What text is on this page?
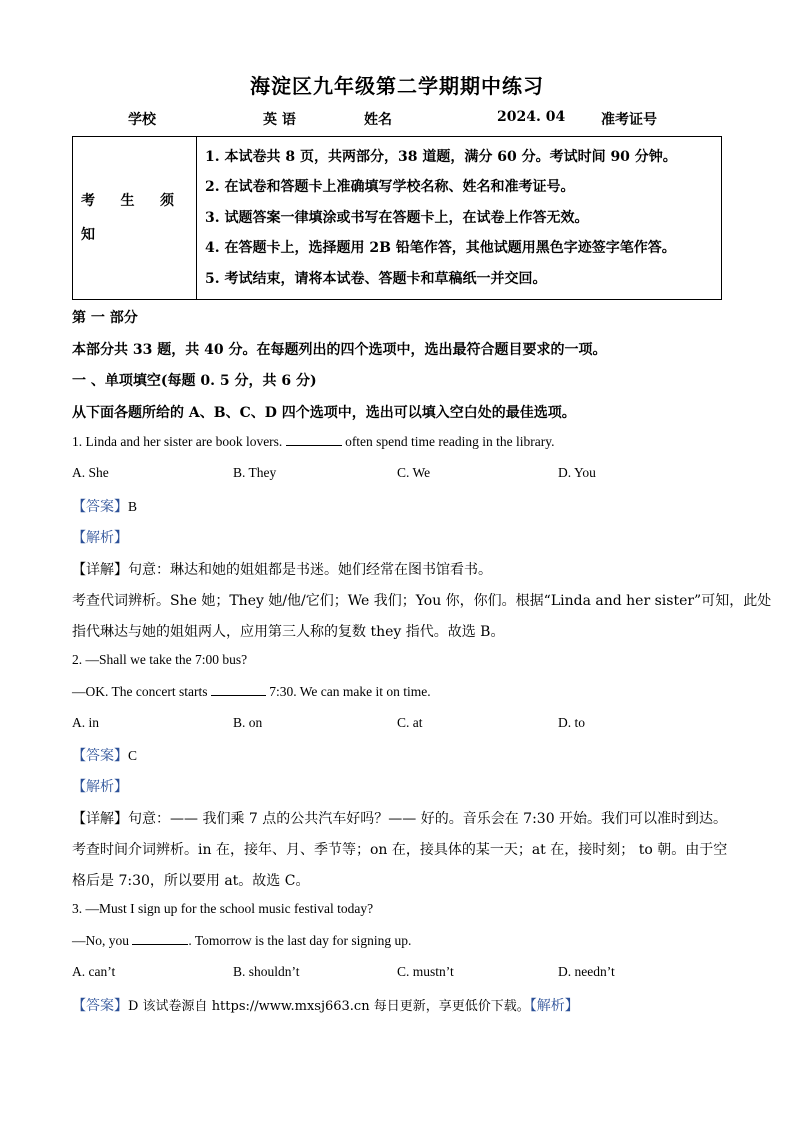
海淀区九年级第二学期期中练习
学校	英 语	姓名	2024. 04	准考证号
考生须知	
1. 本试卷共 8 页，共两部分，38 道题，满分 60 分。考试时间 90 分钟。
2. 在试卷和答题卡上准确填写学校名称、姓名和准考证号。
3. 试题答案一律填涂或书写在答题卡上，在试卷上作答无效。
4. 在答题卡上，选择题用 2B 铅笔作答，其他试题用黑色字迹签字笔作答。
5. 考试结束，请将本试卷、答题卡和草稿纸一并交回。
第 一 部分
本部分共 33 题，共 40 分。在每题列出的四个选项中，选出最符合题目要求的一项。
一 、单项填空(每题 0. 5 分，共 6 分)
从下面各题所给的 A、B、C、D 四个选项中，选出可以填入空白处的最佳选项。
1. Linda and her sister are book lovers.	often spend time reading in the library.
A. She	B. They	C. We	D. You
【答案】B
【解析】
【详解】句意：琳达和她的姐姐都是书迷。她们经常在图书馆看书。
考查代词辨析。She 她；They 她/他/它们；We 我们；You 你，你们。根据“Linda and her sister”可知，此处
指代琳达与她的姐姐两人，应用第三人称的复数 they 指代。故选 B。
2. —Shall we take the 7:00 bus?
—OK. The concert starts	7:30. We can make it on time.
A. in	B. on	C. at	D. to
【答案】C
【解析】
【详解】句意：—— 我们乘 7 点的公共汽车好吗？—— 好的。音乐会在 7:30 开始。我们可以准时到达。
考查时间介词辨析。in 在，接年、月、季节等；on 在，接具体的某一天；at 在，接时刻； to 朝。由于空
格后是 7:30，所以要用 at。故选 C。
3. —Must I sign up for the school music festival today?
—No, you	. Tomorrow is the last day for signing up.
A. can’t	B. shouldn’t	C. mustn’t	D. needn’t
【答案】D 该试卷源自 https://www.mxsj663.cn 每日更新，享更低价下载。【解析】
